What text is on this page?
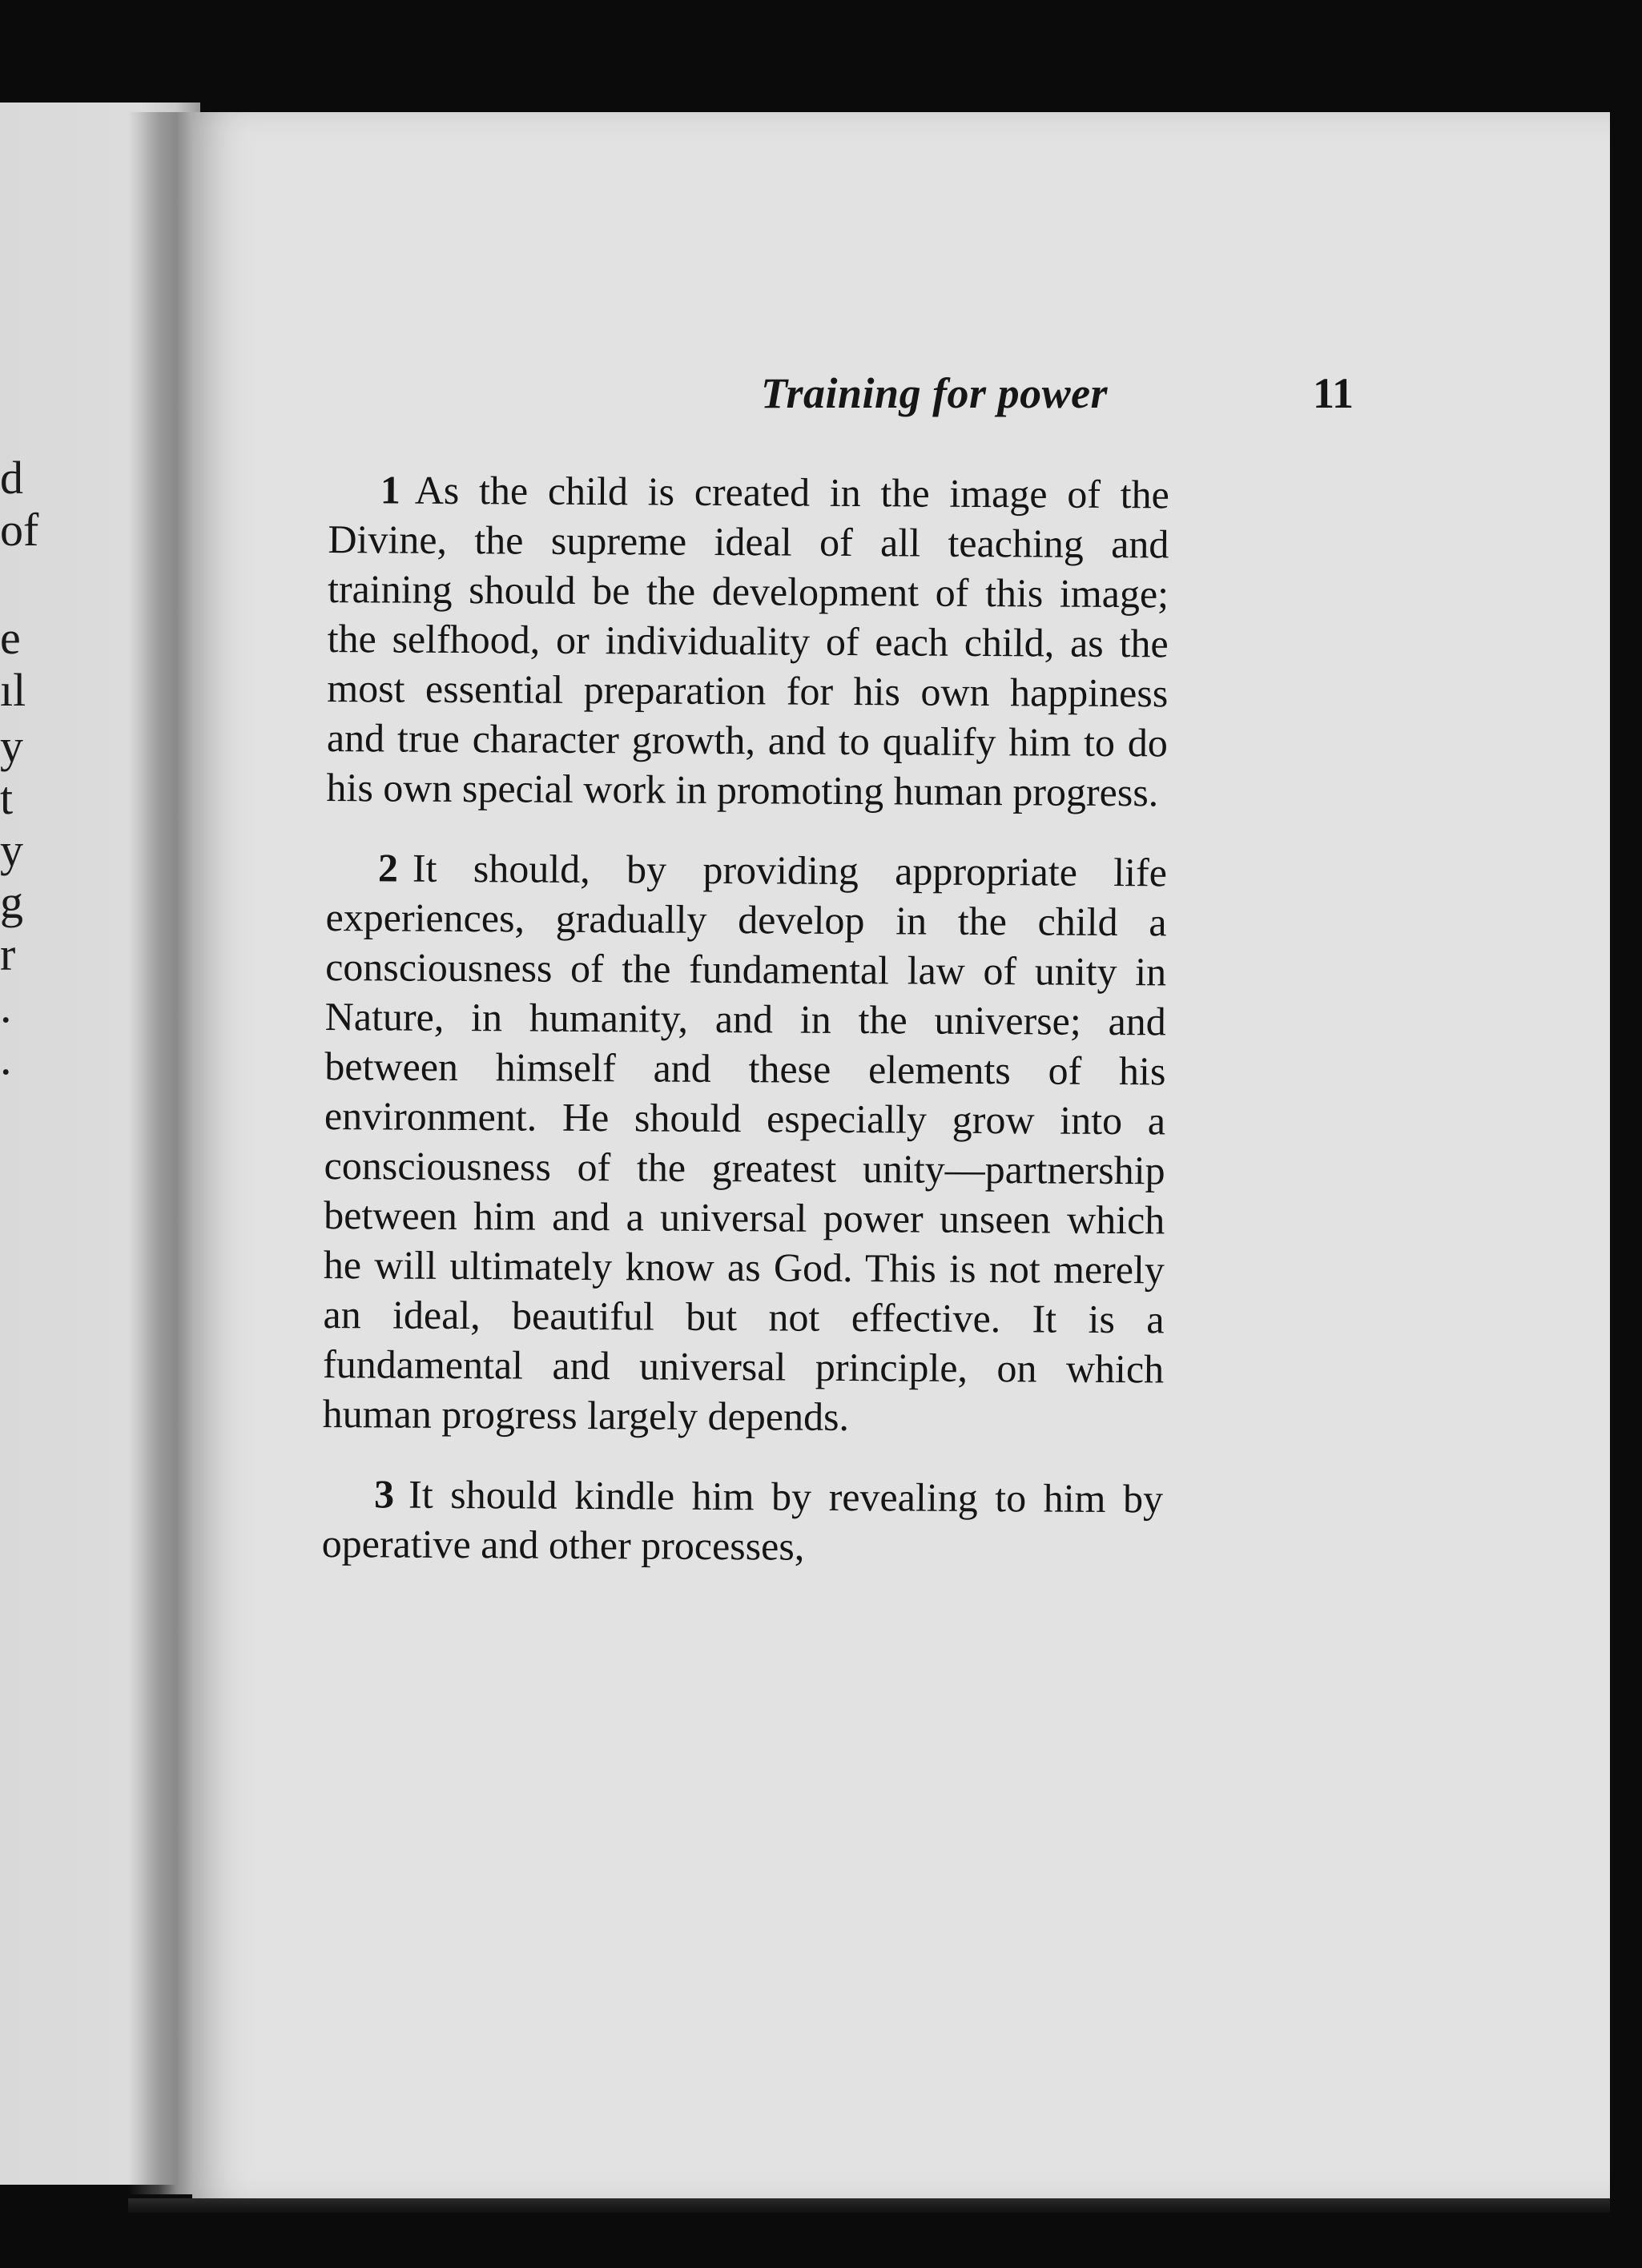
d
of
e
ıl
y
t
y
g
r
.
.
Training for power	11

1 As the child is created in the image of the Divine, the supreme ideal of all teaching and training should be the development of this image; the selfhood, or individuality of each child, as the most essential preparation for his own happiness and true character growth, and to qualify him to do his own special work in promoting human progress.

2 It should, by providing appropriate life experiences, gradually develop in the child a consciousness of the fundamental law of unity in Nature, in humanity, and in the universe; and between himself and these elements of his environment. He should especially grow into a consciousness of the greatest unity—partnership between him and a universal power unseen which he will ultimately know as God. This is not merely an ideal, beautiful but not effective. It is a fundamental and universal principle, on which human progress largely depends.

3 It should kindle him by revealing to him by operative and other processes,
